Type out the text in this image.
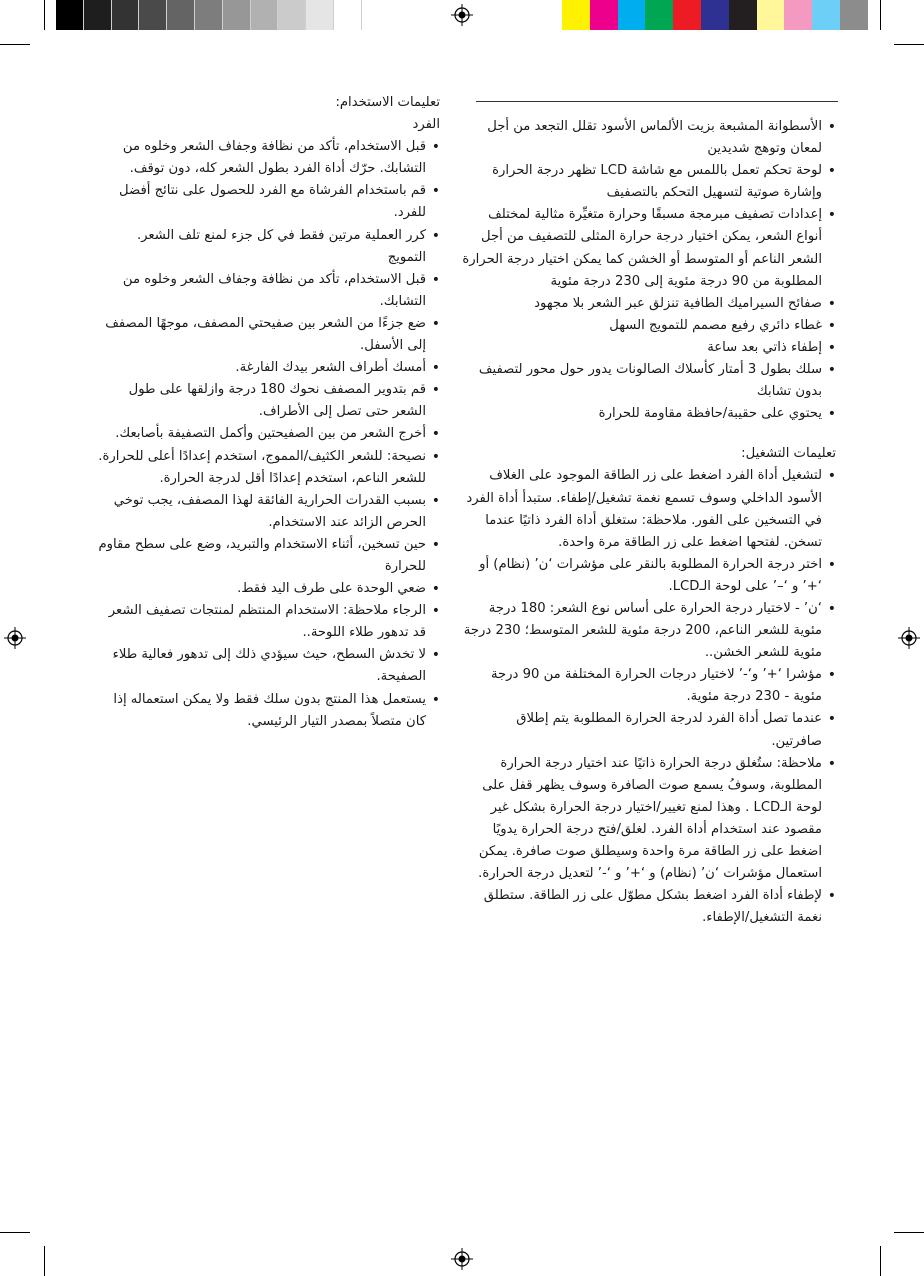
• الأسطوانة المشبعة بزيت الألماس الأسود تقلل التجعد من أجل لمعان وتوهج شديدين
• لوحة تحكم تعمل باللمس مع شاشة LCD تظهر درجة الحرارة وإشارة صوتية لتسهيل التحكم بالتصفيف
• إعدادات تصفيف مبرمجة مسبقًا وحرارة متغيِّرة مثالية لمختلف أنواع الشعر، يمكن اختيار درجة حرارة المثلى للتصفيف من أجل الشعر الناعم أو المتوسط أو الخشن كما يمكن اختيار درجة الحرارة المطلوبة من 90 درجة مئوية إلى 230 درجة مئوية
• صفائح السيراميك الطافية تنزلق عبر الشعر بلا مجهود
• غطاء دائري رفيع مصمم للتمويج السهل
• إطفاء ذاتي بعد ساعة
• سلك بطول 3 أمتار كأسلاك الصالونات يدور حول محور لتصفيف بدون تشابك
• يحتوي على حقيبة/حافظة مقاومة للحرارة

تعليمات التشغيل:

• لتشغيل أداة الفرد اضغط على زر الطاقة الموجود على الغلاف الأسود الداخلي وسوف تسمع نغمة تشغيل/إطفاء. ستبدأ أداة الفرد في التسخين على الفور. ملاحظة: ستغلق أداة الفرد ذاتيًا عندما تسخن. لفتحها اضغط على زر الطاقة مرة واحدة.
• اختر درجة الحرارة المطلوبة بالنقر على مؤشرات ‘ن’ (نظام) أو ‘+’ و ‘–’ على لوحة الـLCD.
• ‘ن’ - لاختيار درجة الحرارة على أساس نوع الشعر: 180 درجة مئوية للشعر الناعم، 200 درجة مئوية للشعر المتوسط؛ 230 درجة مئوية للشعر الخشن..
• مؤشرا ‘+’ و‘-’ لاختيار درجات الحرارة المختلفة من 90 درجة مئوية - 230 درجة مئوية.
• عندما تصل أداة الفرد لدرجة الحرارة المطلوبة يتم إطلاق صافرتين.
• ملاحظة: ستُغلق درجة الحرارة ذاتيًا عند اختيار درجة الحرارة المطلوبة، وسوفُ يسمع صوت الصافرة وسوف يظهر قفل على لوحة الـLCD . وهذا لمنع تغيير/اختيار درجة الحرارة بشكل غير مقصود عند استخدام أداة الفرد. لغلق/فتح درجة الحرارة يدويًا اضغط على زر الطاقة مرة واحدة وسيطلق صوت صافرة. يمكن استعمال مؤشرات ‘ن’ (نظام) و ‘+’ و ‘-’ لتعديل درجة الحرارة.
• لإطفاء أداة الفرد اضغط بشكل مطوّل على زر الطاقة. ستطلق نغمة التشغيل/الإطفاء.

تعليمات الاستخدام:

الفرد

• قبل الاستخدام، تأكد من نظافة وجفاف الشعر وخلوه من التشابك. حرّك أداة الفرد بطول الشعر كله، دون توقف.
• قم باستخدام الفرشاة مع الفرد للحصول على نتائج أفضل للفرد.
• كرر العملية مرتين فقط في كل جزء لمنع تلف الشعر.
التمويج
• قبل الاستخدام، تأكد من نظافة وجفاف الشعر وخلوه من التشابك.
• ضع جزءًا من الشعر بين صفيحتي المصفف، موجهًا المصفف إلى الأسفل.
• أمسك أطراف الشعر بيدك الفارغة.
• قم بتدوير المصفف نحوك 180 درجة وازلقها على طول الشعر حتى تصل إلى الأطراف.
• أخرج الشعر من بين الصفيحتين وأكمل التصفيفة بأصابعك.
• نصيحة: للشعر الكثيف/المموج، استخدم إعدادًا أعلى للحرارة. للشعر الناعم، استخدم إعدادًا أقل لدرجة الحرارة.
• بسبب القدرات الحرارية الفائقة لهذا المصفف، يجب توخي الحرص الزائد عند الاستخدام.
• حين تسخين، أثناء الاستخدام والتبريد، وضع على سطح مقاوم للحرارة
• ضعي الوحدة على طرف اليد فقط.
• الرجاء ملاحظة: الاستخدام المنتظم لمنتجات تصفيف الشعر قد تدهور طلاء اللوحة..
• لا تخدش السطح، حيث سيؤدي ذلك إلى تدهور فعالية طلاء الصفيحة.
• يستعمل هذا المنتج بدون سلك فقط ولا يمكن استعماله إذا كان متصلاً بمصدر التيار الرئيسي.
